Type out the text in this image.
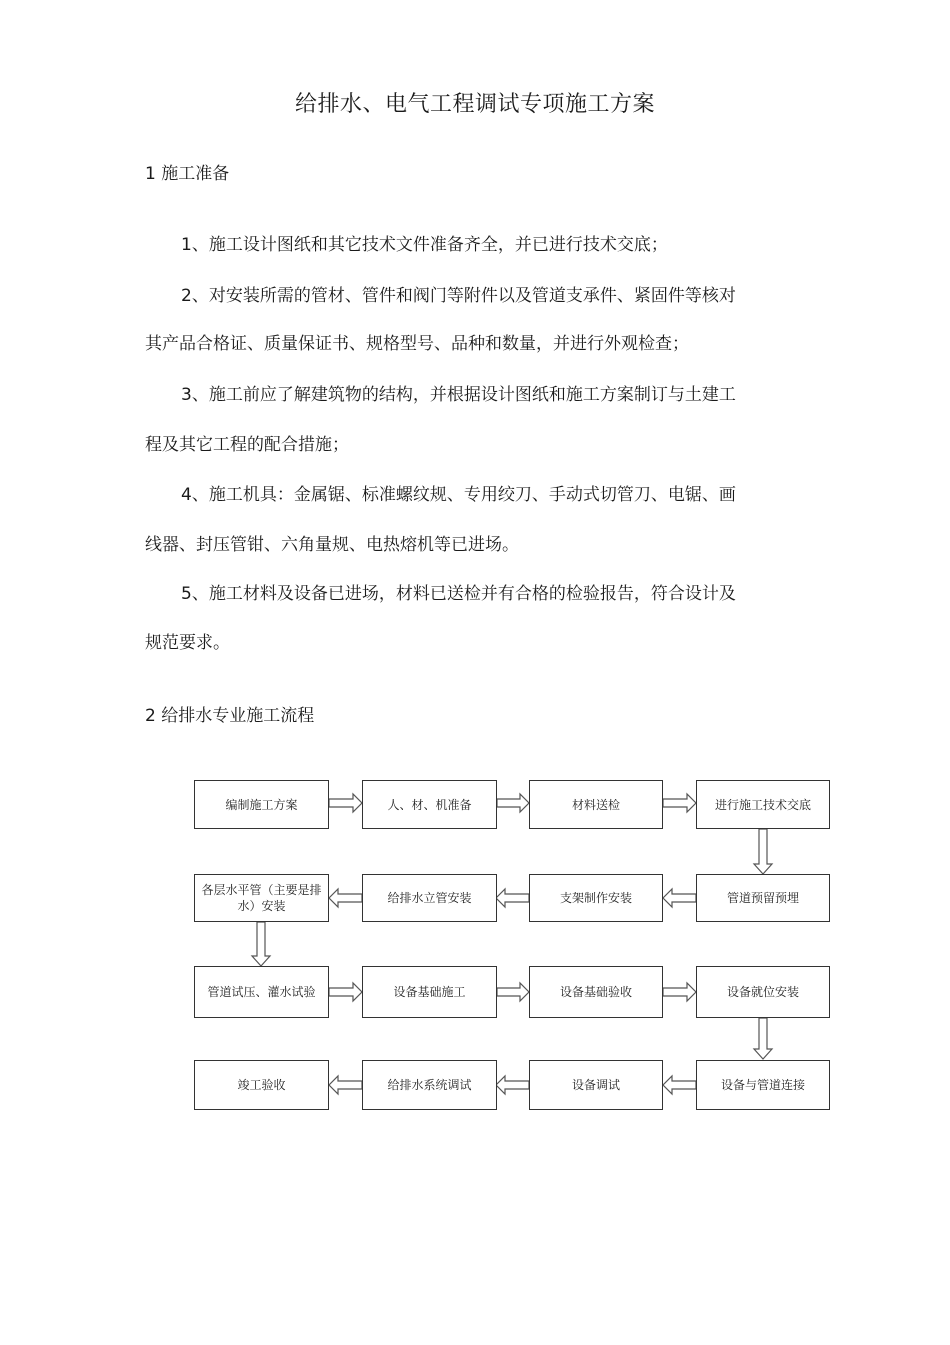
给排水、电气工程调试专项施工方案
1 施工准备
1、施工设计图纸和其它技术文件准备齐全，并已进行技术交底；
2、对安装所需的管材、管件和阀门等附件以及管道支承件、紧固件等核对
其产品合格证、质量保证书、规格型号、品种和数量，并进行外观检查；
3、施工前应了解建筑物的结构，并根据设计图纸和施工方案制订与土建工
程及其它工程的配合措施；
4、施工机具：金属锯、标准螺纹规、专用绞刀、手动式切管刀、电锯、画
线器、封压管钳、六角量规、电热熔机等已进场。
5、施工材料及设备已进场，材料已送检并有合格的检验报告，符合设计及
规范要求。
2 给排水专业施工流程
编制施工方案	人、材、机准备	材料送检	进行施工技术交底
各层水平管（主要是排水）安装
给排水立管安装	支架制作安装	管道预留预埋
管道试压、灌水试验	设备基础施工	设备基础验收	设备就位安装
竣工验收	给排水系统调试	设备调试	设备与管道连接
